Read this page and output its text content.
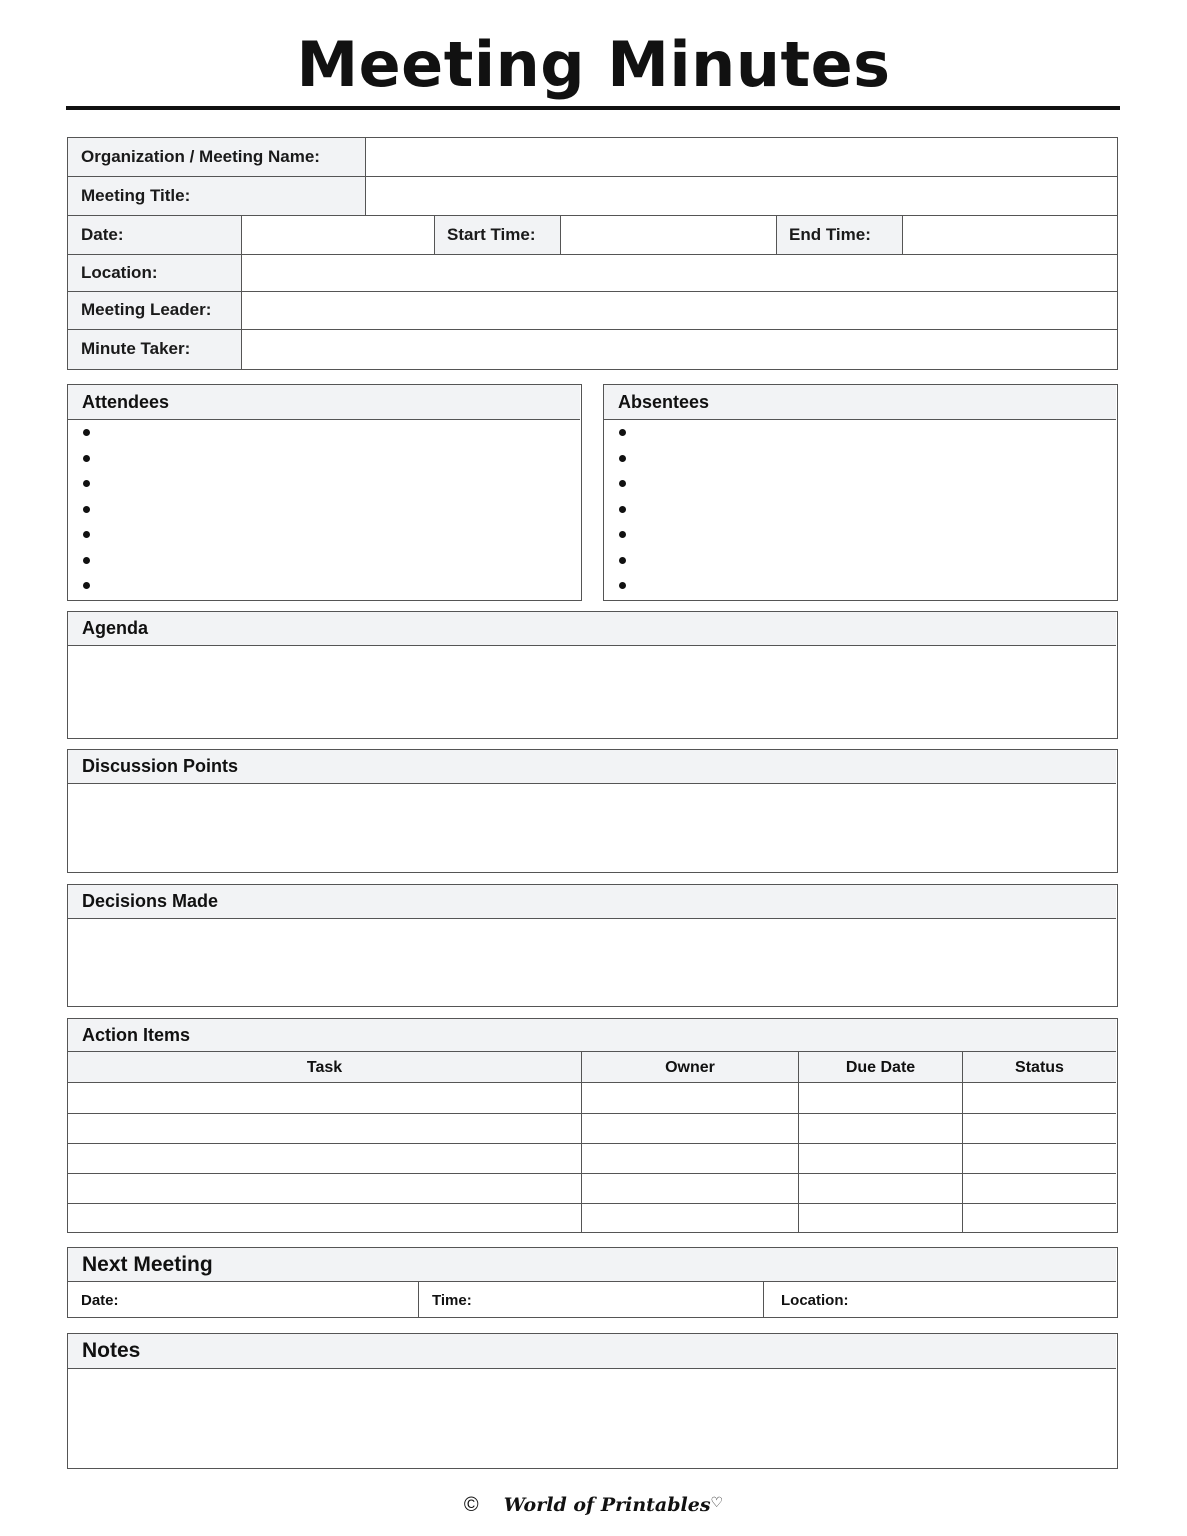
Meeting Minutes
Organization / Meeting Name:
Meeting Title:
Date:	Start Time:	End Time:
Location:
Meeting Leader:
Minute Taker:
Attendees	Absentees
Agenda
Discussion Points
Decisions Made
Action Items
Task	Owner	Due Date	Status
Next Meeting
Date:	Time:	Location:
Notes
© World of Printables♡
